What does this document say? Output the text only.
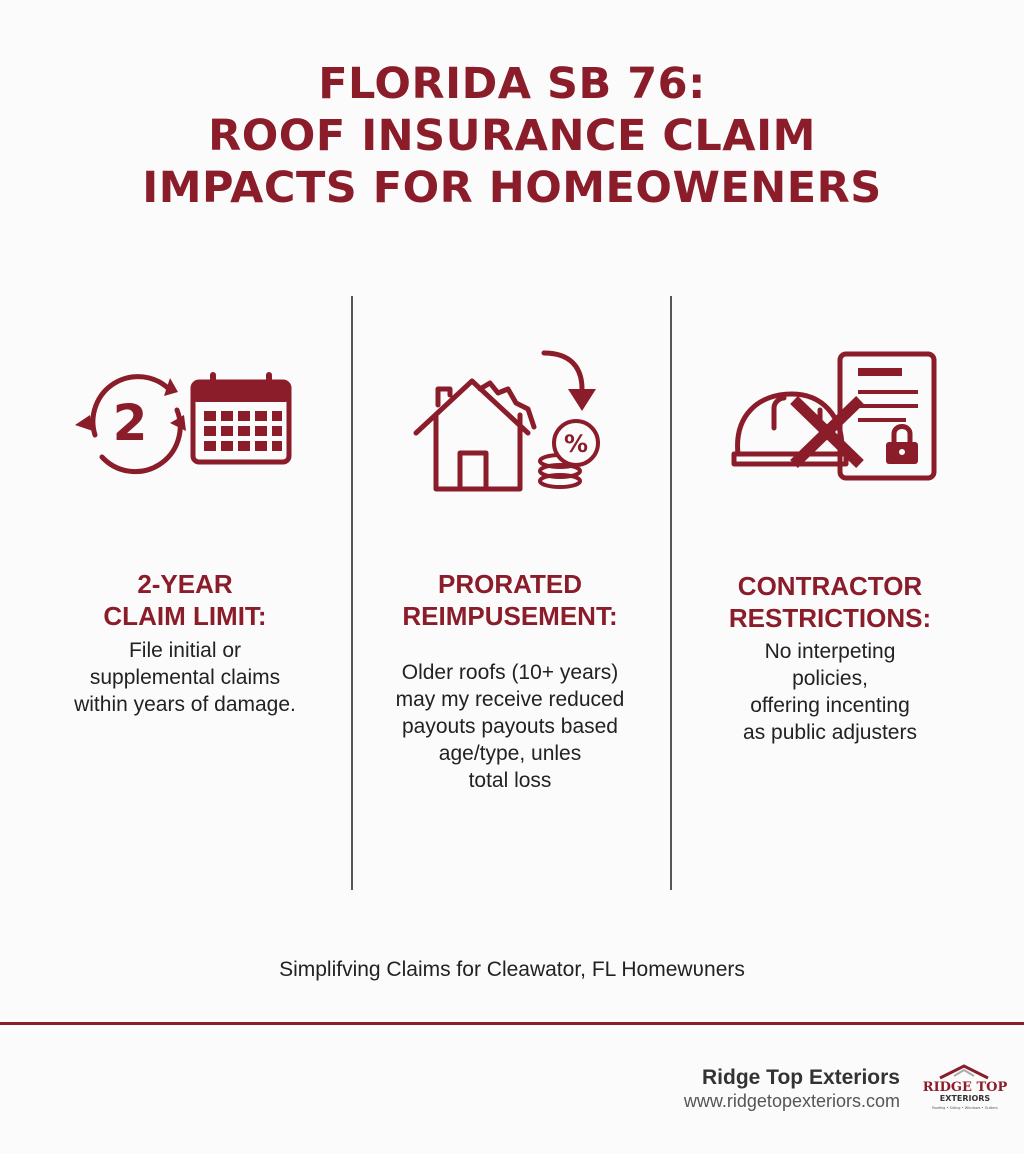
FLORIDA SB 76:
ROOF INSURANCE CLAIM
IMPACTS FOR HOMEOWENERS
2	%
2-YEAR
CLAIM LIMIT:
File initial or
supplemental claims
within years of damage.
PRORATED
REIMPUSEMENT:
Older roofs (10+ years)
may my receive reduced
payouts payouts based
age/type, unles
total loss
CONTRACTOR
RESTRICTIONS:
No interpeting
policies,
offering incenting
as public adjusters
Simplifving Claims for Cleawator, FL Homewʋners
Ridge Top Exteriors
www.ridgetopexteriors.com
RIDGE TOP
EXTERIORS
Roofing • Siding • Windows • Gutters
